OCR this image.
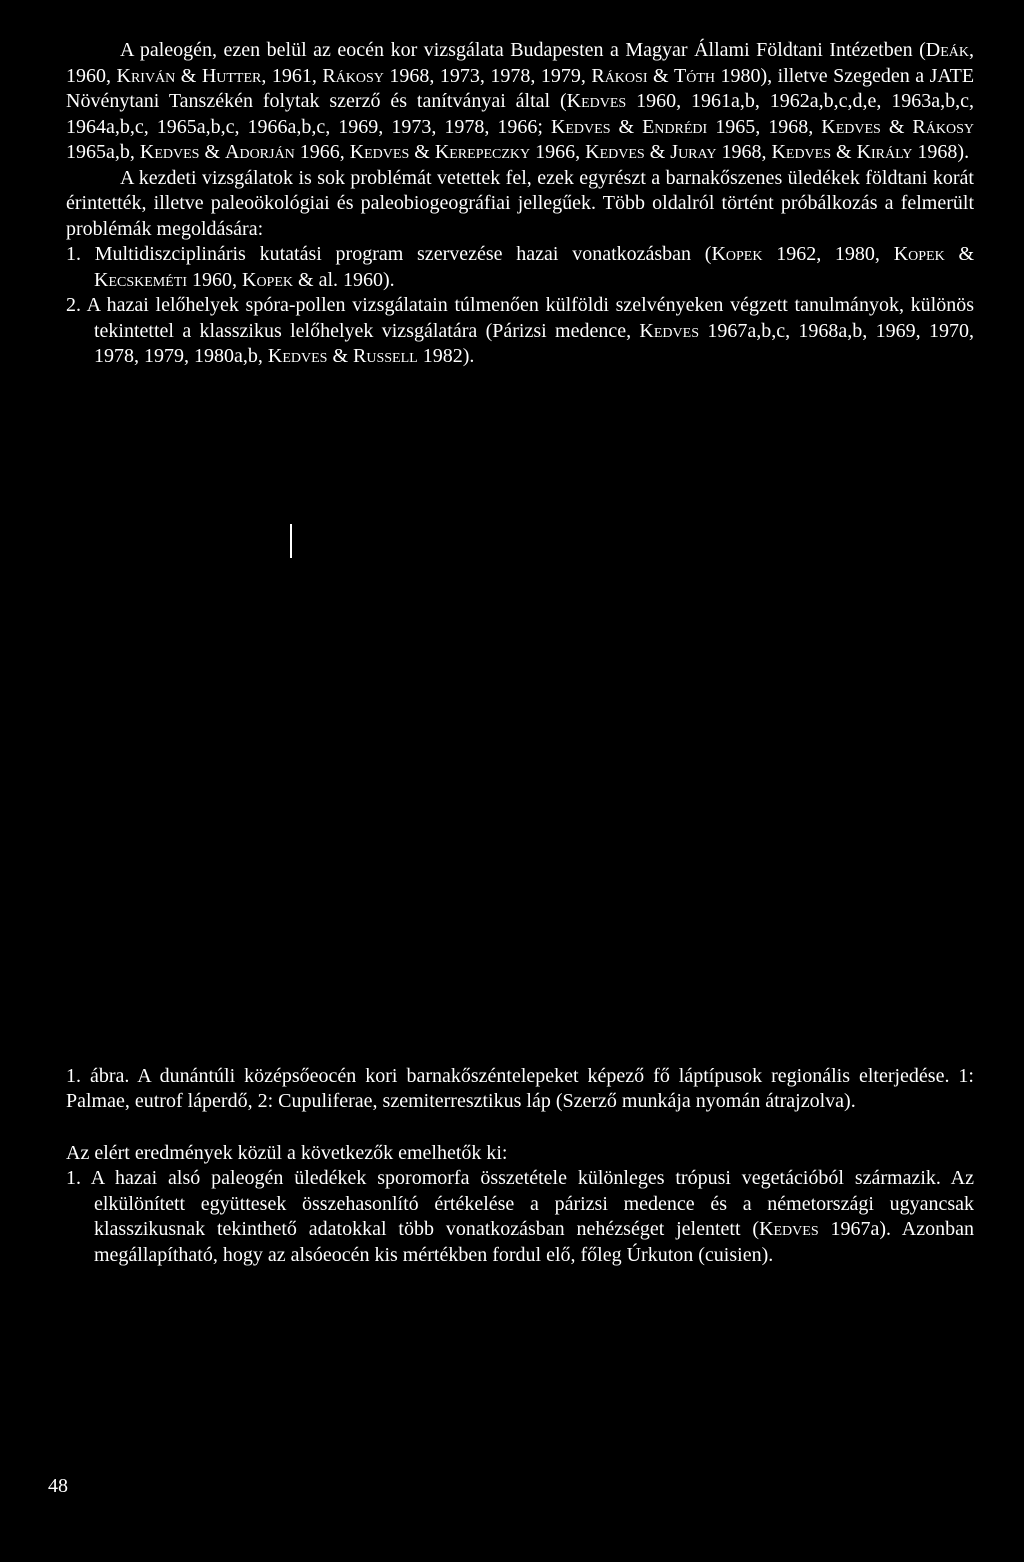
A paleogén, ezen belül az eocén kor vizsgálata Budapesten a Magyar Állami Földtani Intézetben (Deák, 1960, Kriván & Hutter, 1961, Rákosy 1968, 1973, 1978, 1979, Rákosi & Tóth 1980), illetve Szegeden a JATE Növénytani Tanszékén folytak szerző és tanítványai által (Kedves 1960, 1961a,b, 1962a,b,c,d,e, 1963a,b,c, 1964a,b,c, 1965a,b,c, 1966a,b,c, 1969, 1973, 1978, 1966; Kedves & Endrédi 1965, 1968, Kedves & Rákosy 1965a,b, Kedves & Adorján 1966, Kedves & Kerepeczky 1966, Kedves & Juray 1968, Kedves & Király 1968).

A kezdeti vizsgálatok is sok problémát vetettek fel, ezek egyrészt a barnakőszenes üledékek földtani korát érintették, illetve paleoökológiai és paleobiogeográfiai jellegűek. Több oldalról történt próbálkozás a felmerült problémák megoldására:

1. Multidiszciplináris kutatási program szervezése hazai vonatkozásban (Kopek 1962, 1980, Kopek & Kecskeméti 1960, Kopek & al. 1960).

2. A hazai lelőhelyek spóra-pollen vizsgálatain túlmenően külföldi szelvényeken végzett tanulmányok, különös tekintettel a klasszikus lelőhelyek vizsgálatára (Párizsi medence, Kedves 1967a,b,c, 1968a,b, 1969, 1970, 1978, 1979, 1980a,b, Kedves & Russell 1982).

1. ábra. A dunántúli középsőeocén kori barnakőszéntelepeket képező fő láptípusok regionális elterjedése. 1: Palmae, eutrof láperdő, 2: Cupuliferae, szemiterresztikus láp (Szerző munkája nyomán átrajzolva).

Az elért eredmények közül a következők emelhetők ki:

1. A hazai alsó paleogén üledékek sporomorfa összetétele különleges trópusi vegetációból származik. Az elkülönített együttesek összehasonlító értékelése a párizsi medence és a németországi ugyancsak klasszikusnak tekinthető adatokkal több vonatkozásban nehézséget jelentett (Kedves 1967a). Azonban megállapítható, hogy az alsóeocén kis mértékben fordul elő, főleg Úrkuton (cuisien).

48
